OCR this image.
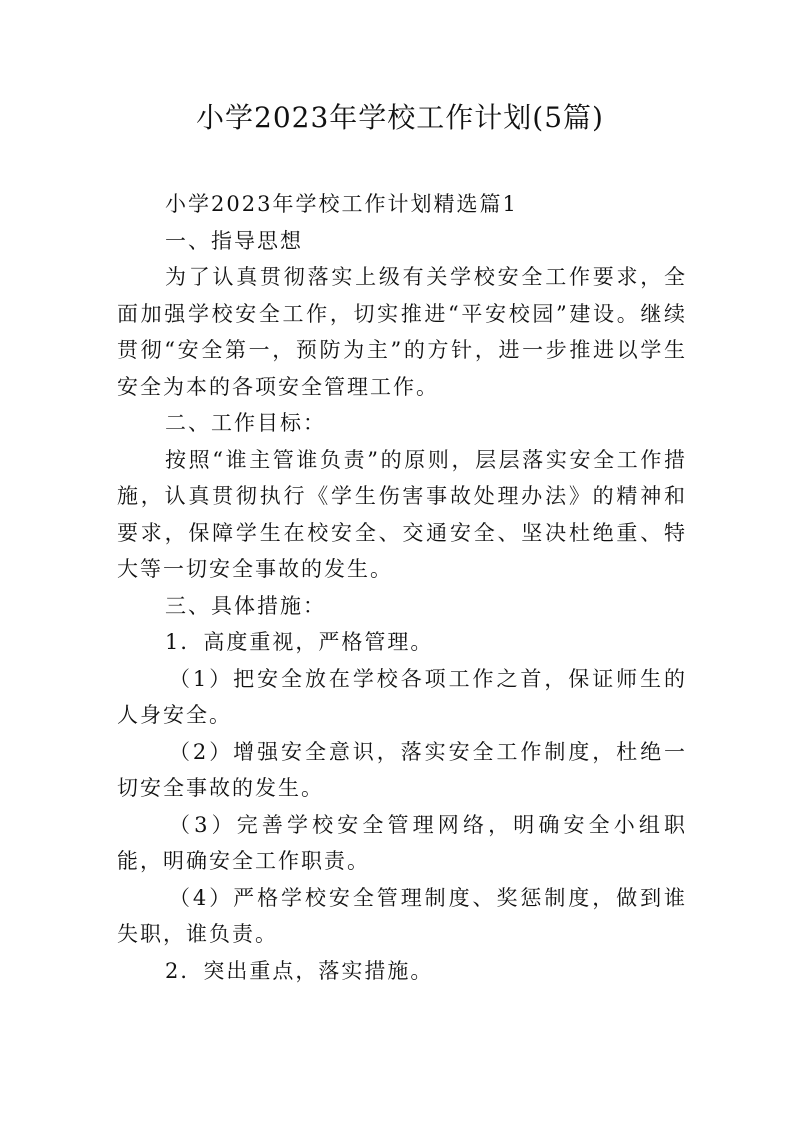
小学2023年学校工作计划(5篇)

小学2023年学校工作计划精选篇1

一、指导思想

为了认真贯彻落实上级有关学校安全工作要求，全面加强学校安全工作，切实推进“平安校园”建设。继续贯彻“安全第一，预防为主”的方针，进一步推进以学生安全为本的各项安全管理工作。

二、工作目标：

按照“谁主管谁负责”的原则，层层落实安全工作措施，认真贯彻执行《学生伤害事故处理办法》的精神和要求，保障学生在校安全、交通安全、坚决杜绝重、特大等一切安全事故的发生。

三、具体措施：

1．高度重视，严格管理。

（1）把安全放在学校各项工作之首，保证师生的人身安全。

（2）增强安全意识，落实安全工作制度，杜绝一切安全事故的发生。

（3）完善学校安全管理网络，明确安全小组职能，明确安全工作职责。

（4）严格学校安全管理制度、奖惩制度，做到谁失职，谁负责。

2．突出重点，落实措施。
